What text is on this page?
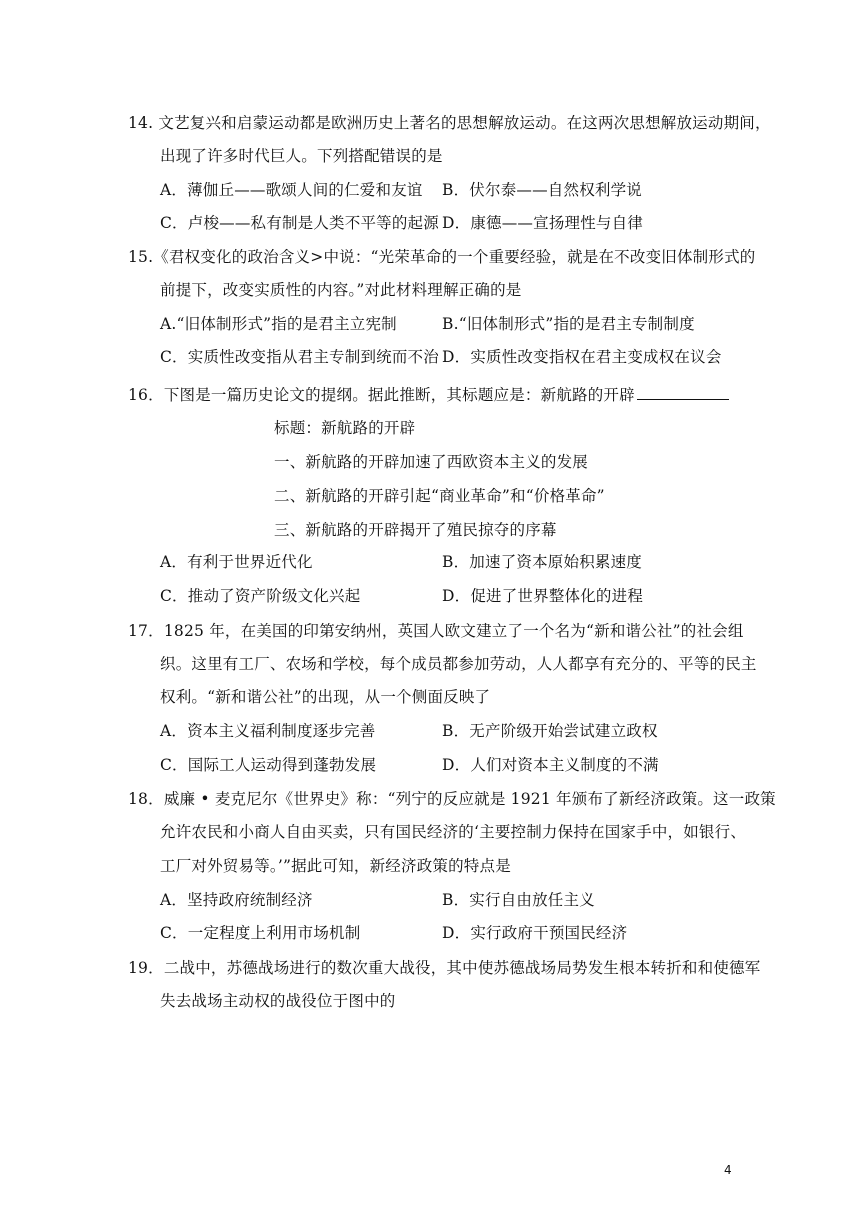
14. 文艺复兴和启蒙运动都是欧洲历史上著名的思想解放运动。在这两次思想解放运动期间，
出现了许多时代巨人。下列搭配错误的是
A．薄伽丘——歌颂人间的仁爱和友谊 B．伏尔泰——自然权利学说
C．卢梭——私有制是人类不平等的起源 D．康德——宣扬理性与自律
15.《君权变化的政治含义>中说：“光荣革命的一个重要经验，就是在不改变旧体制形式的
前提下，改变实质性的内容。”对此材料理解正确的是
A.“旧体制形式”指的是君主立宪制	B.“旧体制形式”指的是君主专制制度
C．实质性改变指从君主专制到统而不治 D．实质性改变指权在君主变成权在议会
16．下图是一篇历史论文的提纲。据此推断，其标题应是：新航路的开辟
标题：新航路的开辟
一、新航路的开辟加速了西欧资本主义的发展
二、新航路的开辟引起“商业革命”和“价格革命”
三、新航路的开辟揭开了殖民掠夺的序幕
A．有利于世界近代化	B．加速了资本原始积累速度
C．推动了资产阶级文化兴起	D．促进了世界整体化的进程
17．1825 年，在美国的印第安纳州，英国人欧文建立了一个名为“新和谐公社”的社会组
织。这里有工厂、农场和学校，每个成员都参加劳动，人人都享有充分的、平等的民主
权利。“新和谐公社”的出现，从一个侧面反映了
A．资本主义福利制度逐步完善	B．无产阶级开始尝试建立政权
C．国际工人运动得到蓬勃发展	D．人们对资本主义制度的不满
18．威廉 • 麦克尼尔《世界史》称：“列宁的反应就是 1921 年颁布了新经济政策。这一政策
允许农民和小商人自由买卖，只有国民经济的‘主要控制力保持在国家手中，如银行、
工厂对外贸易等。’”据此可知，新经济政策的特点是
A．坚持政府统制经济	B．实行自由放任主义
C．一定程度上利用市场机制	D．实行政府干预国民经济
19．二战中，苏德战场进行的数次重大战役，其中使苏德战场局势发生根本转折和和使德军
失去战场主动权的战役位于图中的
4
